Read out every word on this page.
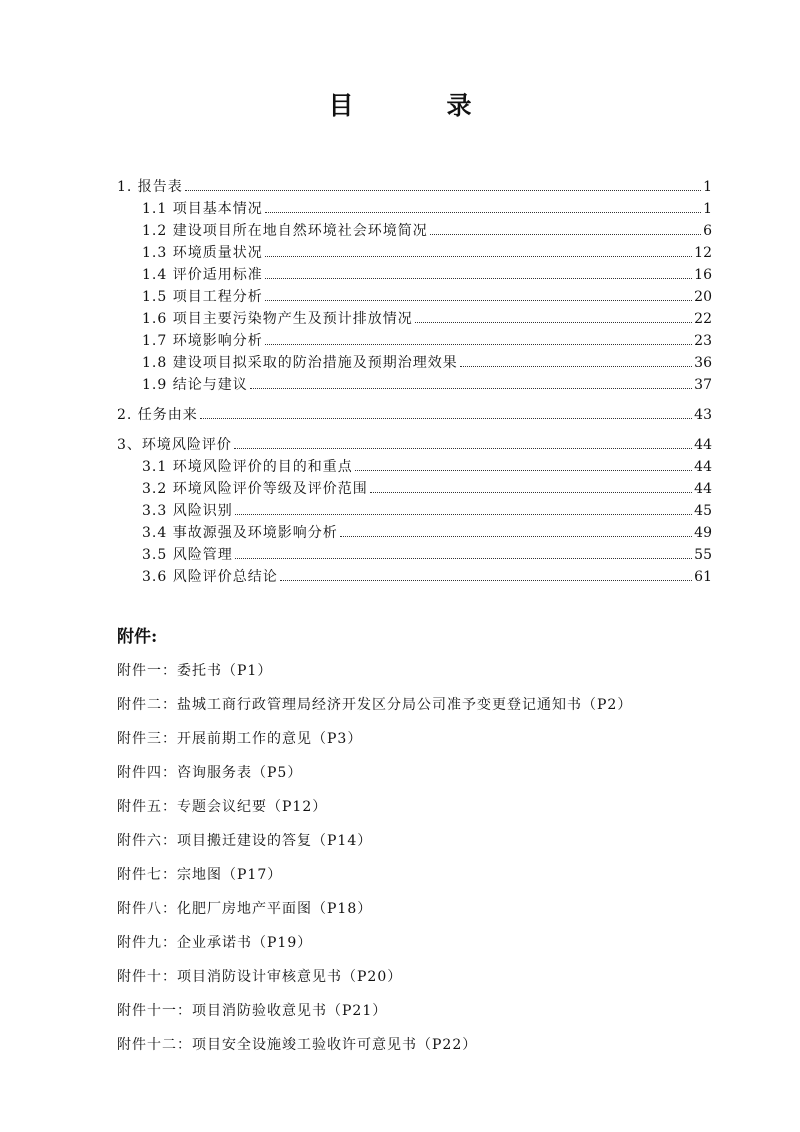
目　录
1. 报告表	1
1.1 项目基本情况	1
1.2 建设项目所在地自然环境社会环境简况	6
1.3 环境质量状况	12
1.4 评价适用标准	16
1.5 项目工程分析	20
1.6 项目主要污染物产生及预计排放情况	22
1.7 环境影响分析	23
1.8 建设项目拟采取的防治措施及预期治理效果	36
1.9 结论与建议	37
2. 任务由来	43
3、环境风险评价	44
3.1 环境风险评价的目的和重点	44
3.2 环境风险评价等级及评价范围	44
3.3 风险识别	45
3.4 事故源强及环境影响分析	49
3.5 风险管理	55
3.6 风险评价总结论	61
附件:
附件一：委托书（P1）
附件二：盐城工商行政管理局经济开发区分局公司准予变更登记通知书（P2）
附件三：开展前期工作的意见（P3）
附件四：咨询服务表（P5）
附件五：专题会议纪要（P12）
附件六：项目搬迁建设的答复（P14）
附件七：宗地图（P17）
附件八：化肥厂房地产平面图（P18）
附件九：企业承诺书（P19）
附件十：项目消防设计审核意见书（P20）
附件十一：项目消防验收意见书（P21）
附件十二：项目安全设施竣工验收许可意见书（P22）
